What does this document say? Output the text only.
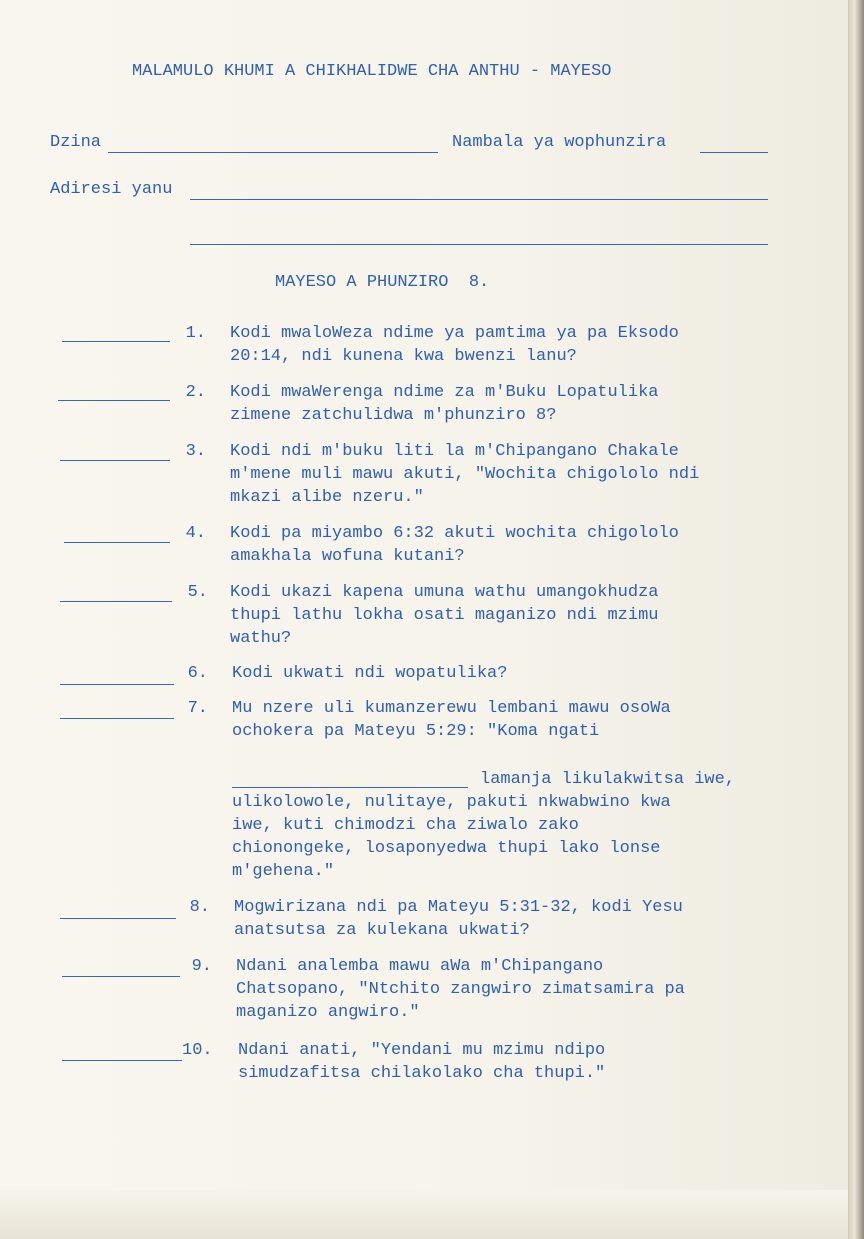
MALAMULO KHUMI A CHIKHALIDWE CHA ANTHU - MAYESO
Dzina	Nambala ya wophunzira
Adiresi yanu
MAYESO A PHUNZIRO  8.
1. Kodi mwaloWeza ndime ya pamtima ya pa Eksodo
20:14, ndi kunena kwa bwenzi lanu?
2. Kodi mwaWerenga ndime za m'Buku Lopatulika
zimene zatchulidwa m'phunziro 8?
3. Kodi ndi m'buku liti la m'Chipangano Chakale
m'mene muli mawu akuti, "Wochita chigololo ndi
mkazi alibe nzeru."
4. Kodi pa miyambo 6:32 akuti wochita chigololo
amakhala wofuna kutani?
5. Kodi ukazi kapena umuna wathu umangokhudza
thupi lathu lokha osati maganizo ndi mzimu
wathu?
6. Kodi ukwati ndi wopatulika?
7. Mu nzere uli kumanzerewu lembani mawu osoWa
ochokera pa Mateyu 5:29: "Koma ngati
lamanja likulakwitsa iwe,
ulikolowole, nulitaye, pakuti nkwabwino kwa
iwe, kuti chimodzi cha ziwalo zako
chionongeke, losaponyedwa thupi lako lonse
m'gehena."
8. Mogwirizana ndi pa Mateyu 5:31-32, kodi Yesu
anatsutsa za kulekana ukwati?
9. Ndani analemba mawu aWa m'Chipangano
Chatsopano, "Ntchito zangwiro zimatsamira pa
maganizo angwiro."
10. Ndani anati, "Yendani mu mzimu ndipo
simudzafitsa chilakolako cha thupi."
